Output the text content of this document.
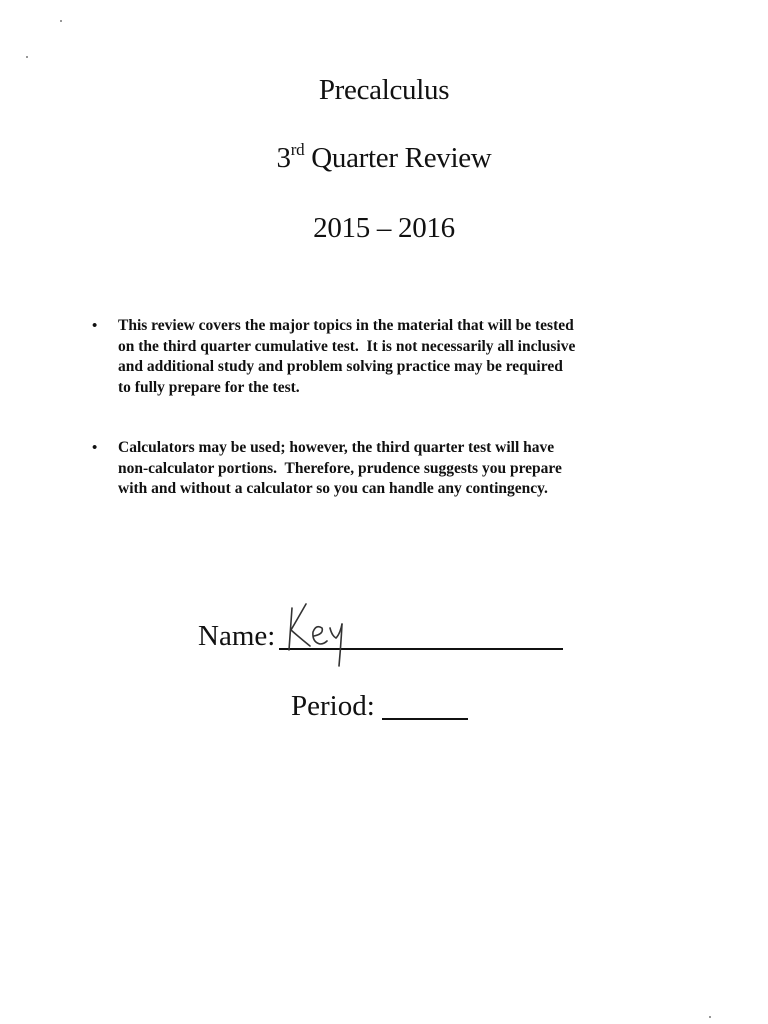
Precalculus
3rd Quarter Review
2015 – 2016
•	This review covers the major topics in the material that will be tested
on the third quarter cumulative test.  It is not necessarily all inclusive
and additional study and problem solving practice may be required
to fully prepare for the test.
•	Calculators may be used; however, the third quarter test will have
non-calculator portions.  Therefore, prudence suggests you prepare
with and without a calculator so you can handle any contingency.
Name:
Period:
